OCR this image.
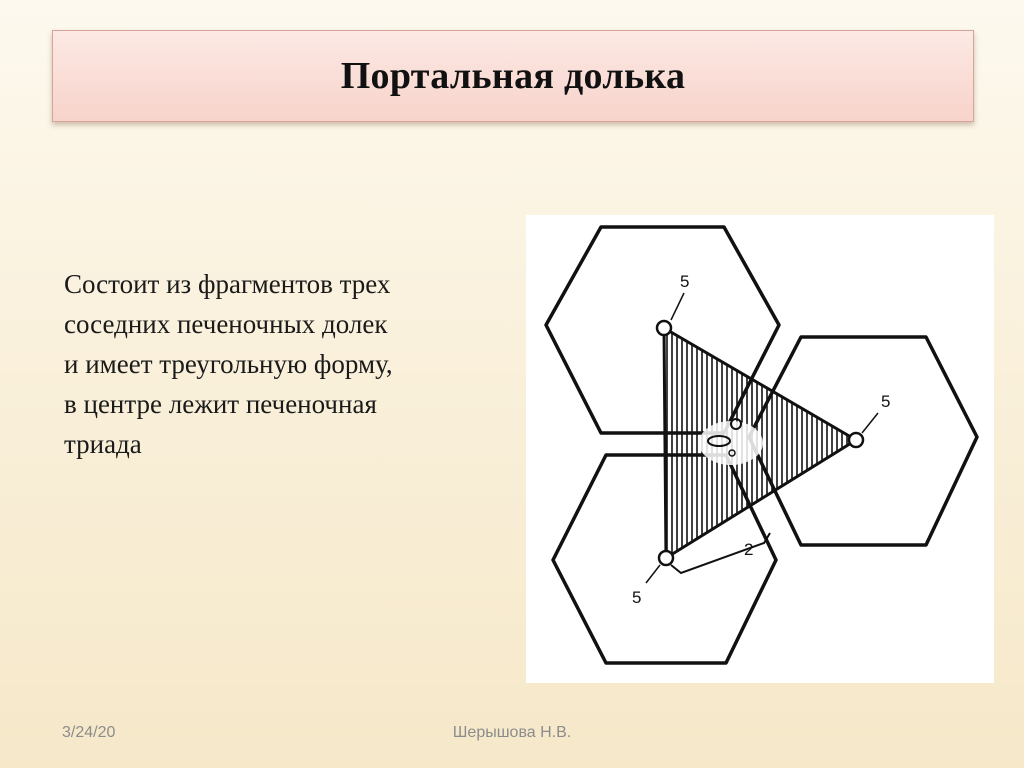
Портальная долька
Состоит из фрагментов трех
соседних печеночных долек
и имеет треугольную форму,
в центре лежит печеночная
триада
5
5
5
2
3/24/20	Шерышова Н.В.
